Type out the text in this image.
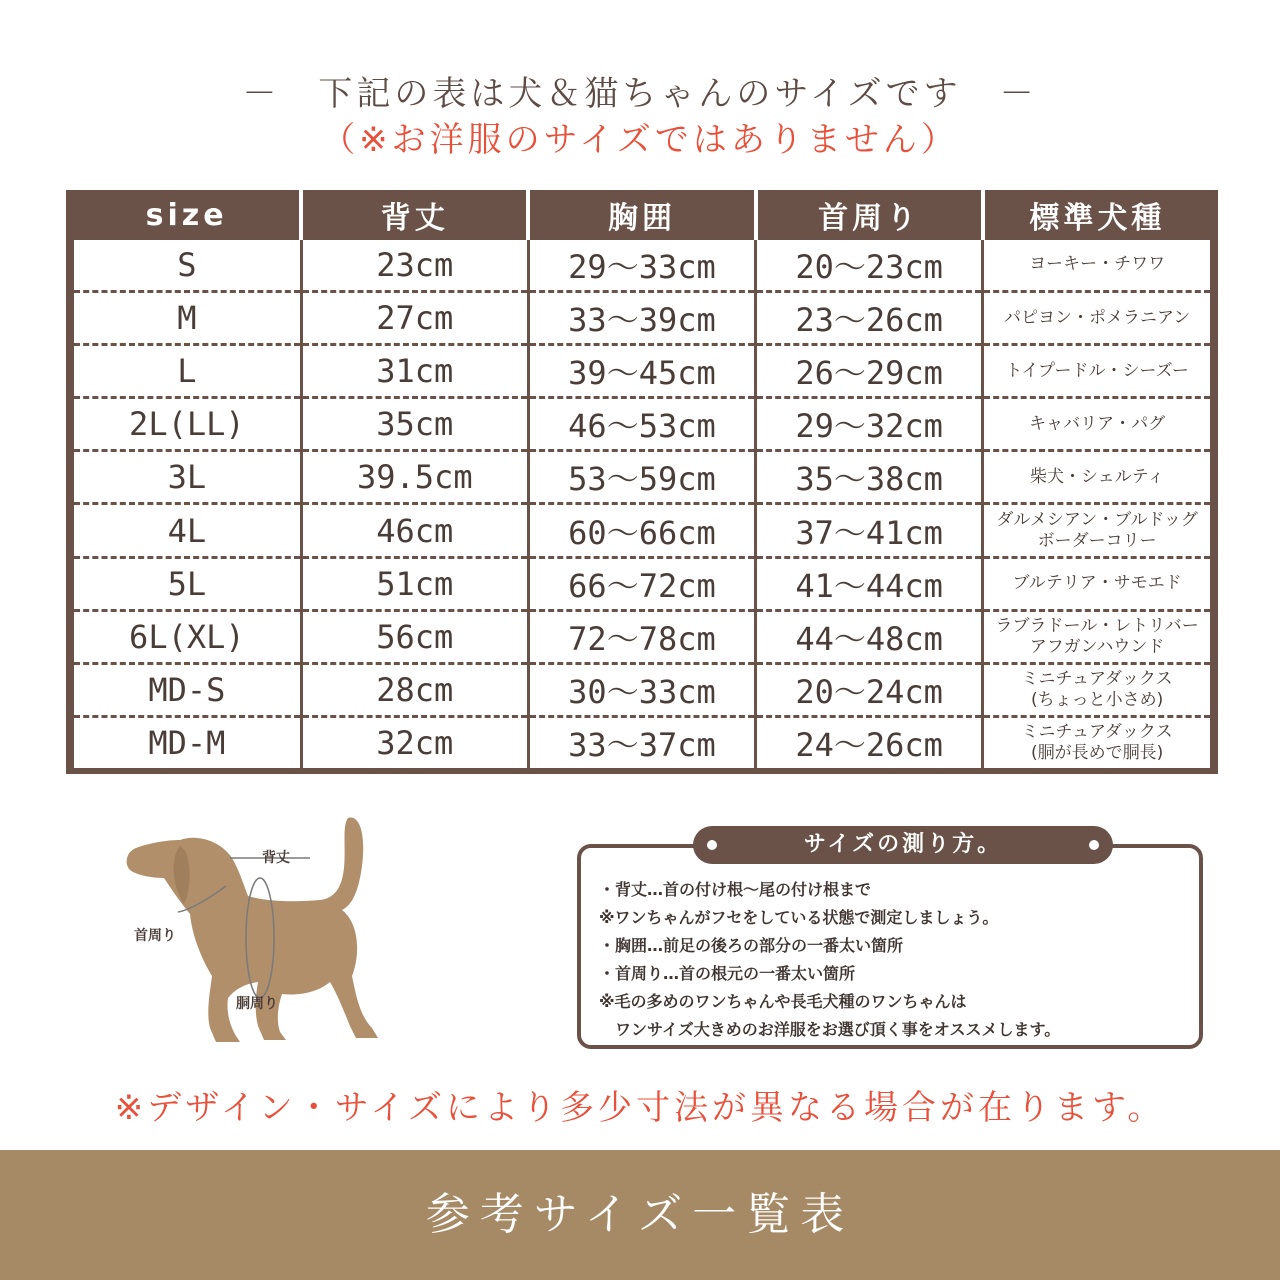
－　下記の表は犬＆猫ちゃんのサイズです　－
（※お洋服のサイズではありません）
size	背丈	胸囲	首周り	標準犬種
S	23cm	29～33cm	20～23cm	ヨーキー・チワワ
M	27cm	33～39cm	23～26cm	パピヨン・ポメラニアン
L	31cm	39～45cm	26～29cm	トイプードル・シーズー
2L(LL)	35cm	46～53cm	29～32cm	キャバリア・パグ
3L	39.5cm	53～59cm	35～38cm	柴犬・シェルティ
4L	46cm	60～66cm	37～41cm	ダルメシアン・ブルドッグ
ボーダーコリー
5L	51cm	66～72cm	41～44cm	ブルテリア・サモエド
6L(XL)	56cm	72～78cm	44～48cm	ラブラドール・レトリバー
アフガンハウンド
MD-S	28cm	30～33cm	20～24cm	ミニチュアダックス
(ちょっと小さめ)
MD-M	32cm	33～37cm	24～26cm	ミニチュアダックス
(胴が長めで胴長)
背丈
首周り
胴周り
・背丈…首の付け根～尾の付け根まで
※ワンちゃんがフセをしている状態で測定しましょう。
・胸囲…前足の後ろの部分の一番太い箇所
・首周り…首の根元の一番太い箇所
※毛の多めのワンちゃんや長毛犬種のワンちゃんは
　ワンサイズ大きめのお洋服をお選び頂く事をオススメします。
サイズの測り方。
※デザイン・サイズにより多少寸法が異なる場合が在ります。
参考サイズ一覧表
